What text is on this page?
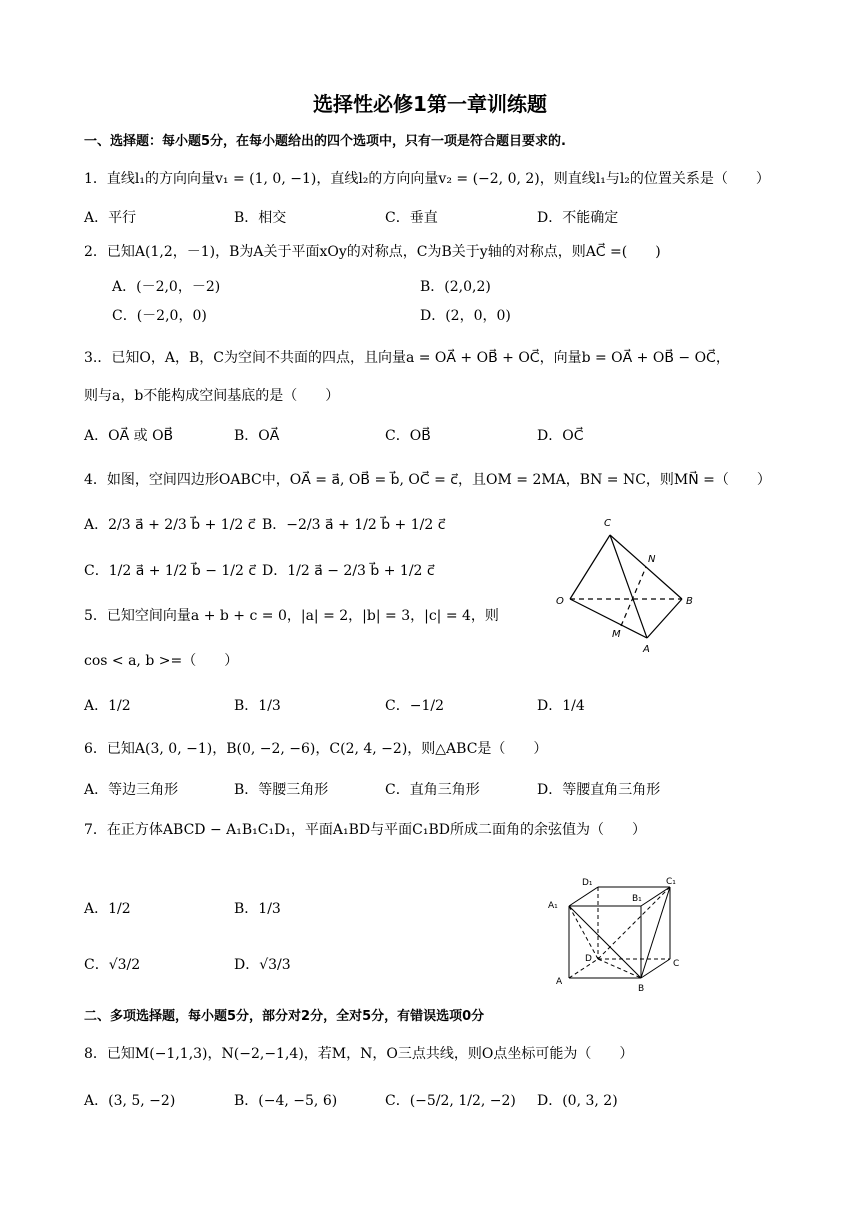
选择性必修1第一章训练题
一、选择题：每小题5分，在每小题给出的四个选项中，只有一项是符合题目要求的.
1．直线l₁的方向向量v₁ = (1, 0, −1)，直线l₂的方向向量v₂ = (−2, 0, 2)，则直线l₁与l₂的位置关系是（　　）
A．平行	B．相交	C．垂直	D．不能确定
2．已知A(1,2，－1)，B为A关于平面xOy的对称点，C为B关于y轴的对称点，则AC⃗ =(　　)
A．(－2,0，－2)	B．(2,0,2)
C．(－2,0，0)	D．(2，0，0)
3.．已知O，A，B，C为空间不共面的四点，且向量a = OA⃗ + OB⃗ + OC⃗，向量b = OA⃗ + OB⃗ − OC⃗，
则与a，b不能构成空间基底的是（　　）
A．OA⃗ 或 OB⃗	B．OA⃗	C．OB⃗	D．OC⃗
4．如图，空间四边形OABC中，OA⃗ = a⃗, OB⃗ = b⃗, OC⃗ = c⃗，且OM = 2MA，BN = NC，则MN⃗ =（　　）
A．2/3 a⃗ + 2/3 b⃗ + 1/2 c⃗ B．−2/3 a⃗ + 1/2 b⃗ + 1/2 c⃗
C．1/2 a⃗ + 1/2 b⃗ − 1/2 c⃗ D．1/2 a⃗ − 2/3 b⃗ + 1/2 c⃗
C
N
O	B
M
A
5．已知空间向量a + b + c = 0，|a| = 2，|b| = 3，|c| = 4，则
cos < a, b >=（　　）
A．1/2	B．1/3	C．−1/2	D．1/4
6．已知A(3, 0, −1)，B(0, −2, −6)，C(2, 4, −2)，则△ABC是（　　）
A．等边三角形	B．等腰三角形	C．直角三角形	D．等腰直角三角形
7．在正方体ABCD − A₁B₁C₁D₁，平面A₁BD与平面C₁BD所成二面角的余弦值为（　　）
A．1/2	B．1/3
C．√3/2	D．√3/3
D₁	C₁
B₁
A₁
D	C
A
B
二、多项选择题，每小题5分，部分对2分，全对5分，有错误选项0分
8．已知M(−1,1,3)，N(−2,−1,4)，若M，N，O三点共线，则O点坐标可能为（　　）
A．(3, 5, −2)	B．(−4, −5, 6)	C．(−5/2, 1/2, −2) D．(0, 3, 2)
